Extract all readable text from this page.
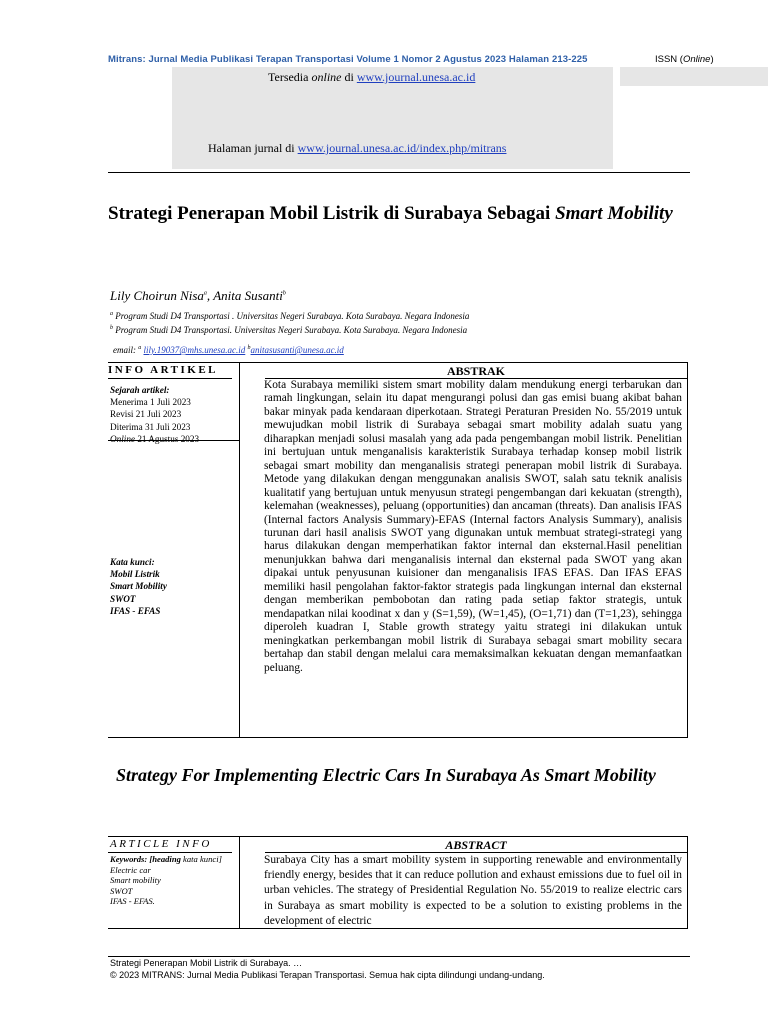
Mitrans: Jurnal Media Publikasi Terapan Transportasi Volume 1 Nomor 2 Agustus 2023 Halaman 213-225	ISSN (Online)
Tersedia online di www.journal.unesa.ac.id
Halaman jurnal di www.journal.unesa.ac.id/index.php/mitrans
Strategi Penerapan Mobil Listrik di Surabaya Sebagai Smart Mobility
Lily Choirun Nisa$^a$, Anita Susanti$^b$
$^a$ Program Studi D4 Transportasi . Universitas Negeri Surabaya. Kota Surabaya. Negara Indonesia
$^b$ Program Studi D4 Transportasi. Universitas Negeri Surabaya. Kota Surabaya. Negara Indonesia
email: $^a$ lily.19037@mhs.unesa.ac.id $^b$anitasusanti@unesa.ac.id
INFO ARTIKEL	ABSTRAK
Sejarah artikel:
Menerima 1 Juli 2023
Revisi 21 Juli 2023
Diterima 31 Juli 2023
Online 21 Agustus 2023
Kata kunci:
Mobil Listrik
Smart Mobility
SWOT
IFAS - EFAS
Kota Surabaya memiliki sistem smart mobility dalam mendukung energi terbarukan dan ramah lingkungan, selain itu dapat mengurangi polusi dan gas emisi buang akibat bahan bakar minyak pada kendaraan diperkotaan. Strategi Peraturan Presiden No. 55/2019 untuk mewujudkan mobil listrik di Surabaya sebagai smart mobility adalah suatu yang diharapkan menjadi solusi masalah yang ada pada pengembangan mobil listrik. Penelitian ini bertujuan untuk menganalisis karakteristik Surabaya terhadap konsep mobil listrik sebagai smart mobility dan menganalisis strategi penerapan mobil listrik di Surabaya. Metode yang dilakukan dengan menggunakan analisis SWOT, salah satu teknik analisis kualitatif yang bertujuan untuk menyusun strategi pengembangan dari kekuatan (strength), kelemahan (weaknesses), peluang (opportunities) dan ancaman (threats). Dan analisis IFAS (Internal factors Analysis Summary)-EFAS (Internal factors Analysis Summary), analisis turunan dari hasil analisis SWOT yang digunakan untuk membuat strategi-strategi yang harus dilakukan dengan memperhatikan faktor internal dan eksternal.Hasil penelitian menunjukkan bahwa dari menganalisis internal dan eksternal pada SWOT yang akan dipakai untuk penyusunan kuisioner dan menganalisis IFAS EFAS. Dan IFAS EFAS memiliki hasil pengolahan faktor-faktor strategis pada lingkungan internal dan eksternal dengan memberikan pembobotan dan rating pada setiap faktor strategis, untuk mendapatkan nilai koodinat x dan y (S=1,59), (W=1,45), (O=1,71) dan (T=1,23), sehingga diperoleh kuadran I, Stable growth strategy yaitu strategi ini dilakukan untuk meningkatkan perkembangan mobil listrik di Surabaya sebagai smart mobility secara bertahap dan stabil dengan melalui cara memaksimalkan kekuatan dengan memanfaatkan peluang.
Strategy For Implementing Electric Cars In Surabaya As Smart Mobility
ARTICLE INFO	ABSTRACT
Keywords: [heading kata kunci]
Electric car
Smart mobility
SWOT
IFAS - EFAS.
Surabaya City has a smart mobility system in supporting renewable and environmentally friendly energy, besides that it can reduce pollution and exhaust emissions due to fuel oil in urban vehicles. The strategy of Presidential Regulation No. 55/2019 to realize electric cars in Surabaya as smart mobility is expected to be a solution to existing problems in the development of electric
Strategi Penerapan Mobil Listrik di Surabaya. …
© 2023 MITRANS: Jurnal Media Publikasi Terapan Transportasi. Semua hak cipta dilindungi undang-undang.
